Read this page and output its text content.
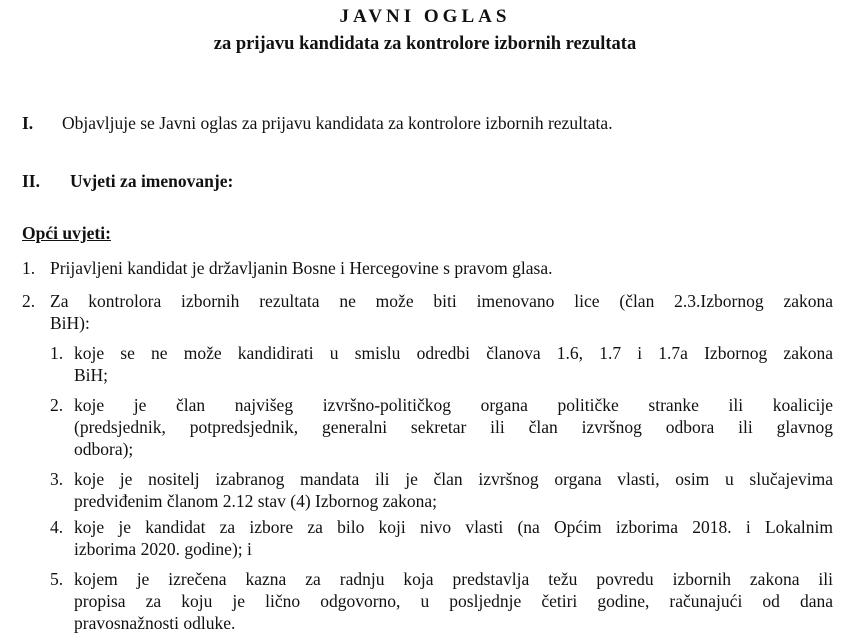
JAVNI OGLAS
za prijavu kandidata za kontrolore izbornih rezultata
I. Objavljuje se Javni oglas za prijavu kandidata za kontrolore izbornih rezultata.
II. Uvjeti za imenovanje:
Opći uvjeti:
1. Prijavljeni kandidat je državljanin Bosne i Hercegovine s pravom glasa.
2. Za kontrolora izbornih rezultata ne može biti imenovano lice (član 2.3.Izbornog zakona
BiH):
1. koje se ne može kandidirati u smislu odredbi članova 1.6, 1.7 i 1.7a Izbornog zakona
BiH;
2. koje je član najvišeg izvršno-političkog organa političke stranke ili koalicije
(predsjednik, potpredsjednik, generalni sekretar ili član izvršnog odbora ili glavnog
odbora);
3. koje je nositelj izabranog mandata ili je član izvršnog organa vlasti, osim u slučajevima
predviđenim članom 2.12 stav (4) Izbornog zakona;
4. koje je kandidat za izbore za bilo koji nivo vlasti (na Općim izborima 2018. i Lokalnim
izborima 2020. godine); i
5. kojem je izrečena kazna za radnju koja predstavlja težu povredu izbornih zakona ili
propisa za koju je lično odgovorno, u posljednje četiri godine, računajući od dana
pravosnažnosti odluke.
